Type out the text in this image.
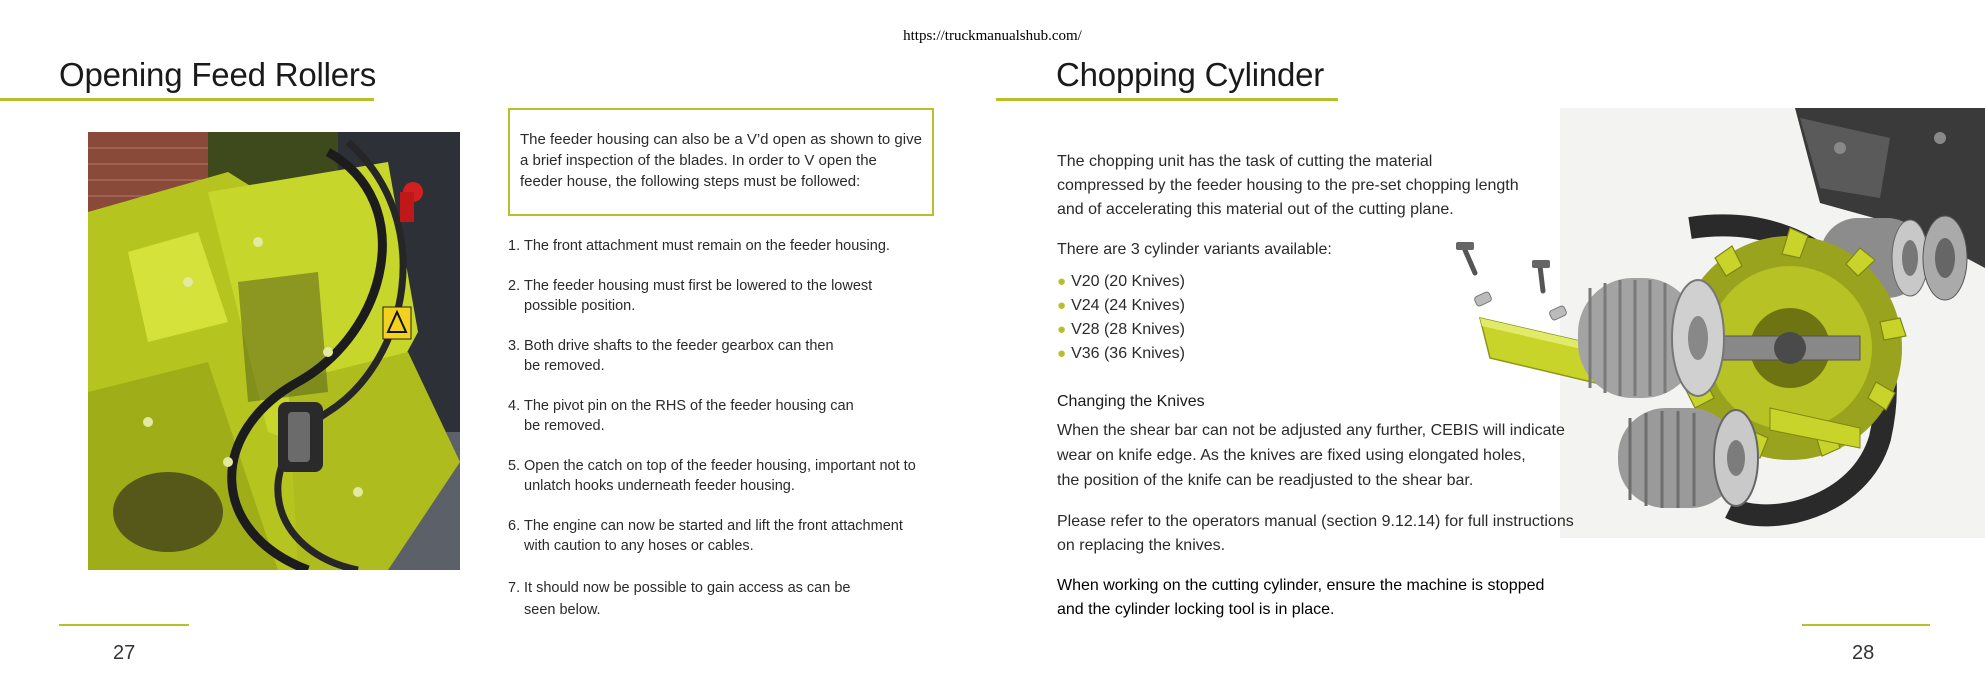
https://truckmanualshub.com/
Opening Feed Rollers
The feeder housing can also be a V’d open as shown to give a brief inspection of the blades. In order to V open the feeder house, the following steps must be followed:
1. The front attachment must remain on the feeder housing.
2. The feeder housing must first be lowered to the lowest
possible position.
3. Both drive shafts to the feeder gearbox can then
be removed.
4. The pivot pin on the RHS of the feeder housing can
be removed.
5. Open the catch on top of the feeder housing, important not to
unlatch hooks underneath feeder housing.
6. The engine can now be started and lift the front attachment
with caution to any hoses or cables.
7. It should now be possible to gain access as can be
seen below.
27
Chopping Cylinder
The chopping unit has the task of cutting the material
compressed by the feeder housing to the pre-set chopping length
and of accelerating this material out of the cutting plane.
There are 3 cylinder variants available:
● V20 (20 Knives)
● V24 (24 Knives)
● V28 (28 Knives)
● V36 (36 Knives)
Changing the Knives
When the shear bar can not be adjusted any further, CEBIS will indicate
wear on knife edge. As the knives are fixed using elongated holes,
the position of the knife can be readjusted to the shear bar.
Please refer to the operators manual (section 9.12.14) for full instructions
on replacing the knives.
When working on the cutting cylinder, ensure the machine is stopped
and the cylinder locking tool is in place.
28
